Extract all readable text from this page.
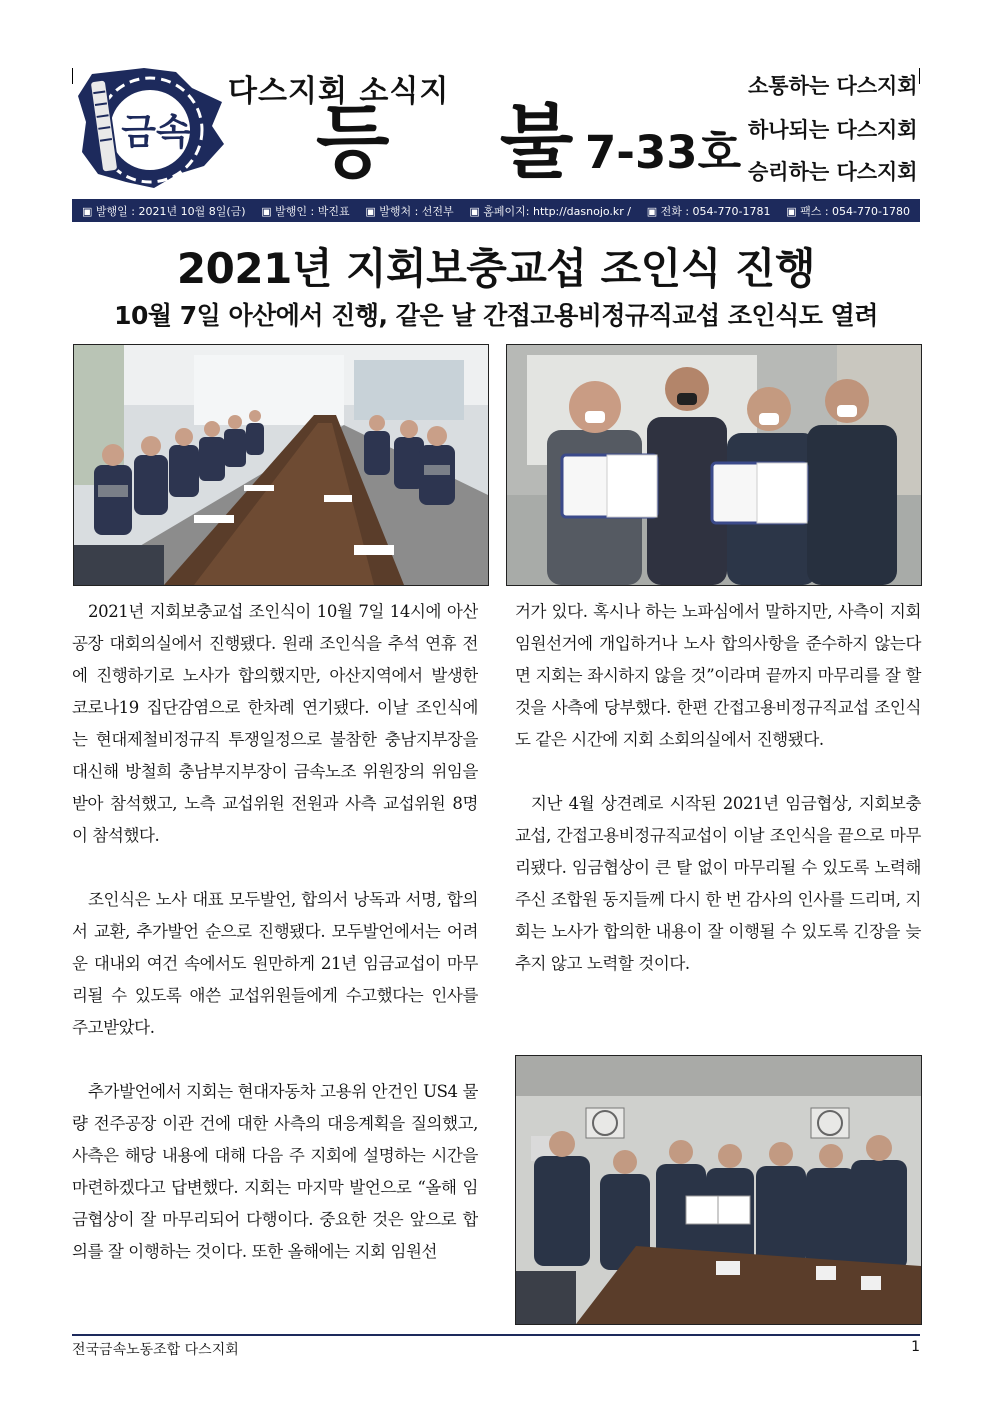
금속
다스지회 소식지
등 불
7-33호
소통하는 다스지회
하나되는 다스지회
승리하는 다스지회
▣ 발행일 : 2021년 10월 8일(금) ▣ 발행인 : 박진표 ▣ 발행처 : 선전부 ▣ 홈페이지: http://dasnojo.kr / ▣ 전화 : 054-770-1781 ▣ 팩스 : 054-770-1780
2021년 지회보충교섭 조인식 진행
10월 7일 아산에서 진행, 같은 날 간접고용비정규직교섭 조인식도 열려

2021년 지회보충교섭 조인식이 10월 7일 14시에 아산공장 대회의실에서 진행됐다. 원래 조인식을 추석 연휴 전에 진행하기로 노사가 합의했지만, 아산지역에서 발생한 코로나19 집단감염으로 한차례 연기됐다. 이날 조인식에는 현대제철비정규직 투쟁일정으로 불참한 충남지부장을 대신해 방철희 충남부지부장이 금속노조 위원장의 위임을 받아 참석했고, 노측 교섭위원 전원과 사측 교섭위원 8명이 참석했다.

조인식은 노사 대표 모두발언, 합의서 낭독과 서명, 합의서 교환, 추가발언 순으로 진행됐다. 모두발언에서는 어려운 대내외 여건 속에서도 원만하게 21년 임금교섭이 마무리될 수 있도록 애쓴 교섭위원들에게 수고했다는 인사를 주고받았다.

추가발언에서 지회는 현대자동차 고용위 안건인 US4 물량 전주공장 이관 건에 대한 사측의 대응계획을 질의했고, 사측은 해당 내용에 대해 다음 주 지회에 설명하는 시간을 마련하겠다고 답변했다. 지회는 마지막 발언으로 “올해 임금협상이 잘 마무리되어 다행이다. 중요한 것은 앞으로 합의를 잘 이행하는 것이다. 또한 올해에는 지회 임원선

거가 있다. 혹시나 하는 노파심에서 말하지만, 사측이 지회 임원선거에 개입하거나 노사 합의사항을 준수하지 않는다면 지회는 좌시하지 않을 것”이라며 끝까지 마무리를 잘 할 것을 사측에 당부했다. 한편 간접고용비정규직교섭 조인식도 같은 시간에 지회 소회의실에서 진행됐다.

지난 4월 상견례로 시작된 2021년 임금협상, 지회보충교섭, 간접고용비정규직교섭이 이날 조인식을 끝으로 마무리됐다. 임금협상이 큰 탈 없이 마무리될 수 있도록 노력해주신 조합원 동지들께 다시 한 번 감사의 인사를 드리며, 지회는 노사가 합의한 내용이 잘 이행될 수 있도록 긴장을 늦추지 않고 노력할 것이다.

전국금속노동조합 다스지회	1
